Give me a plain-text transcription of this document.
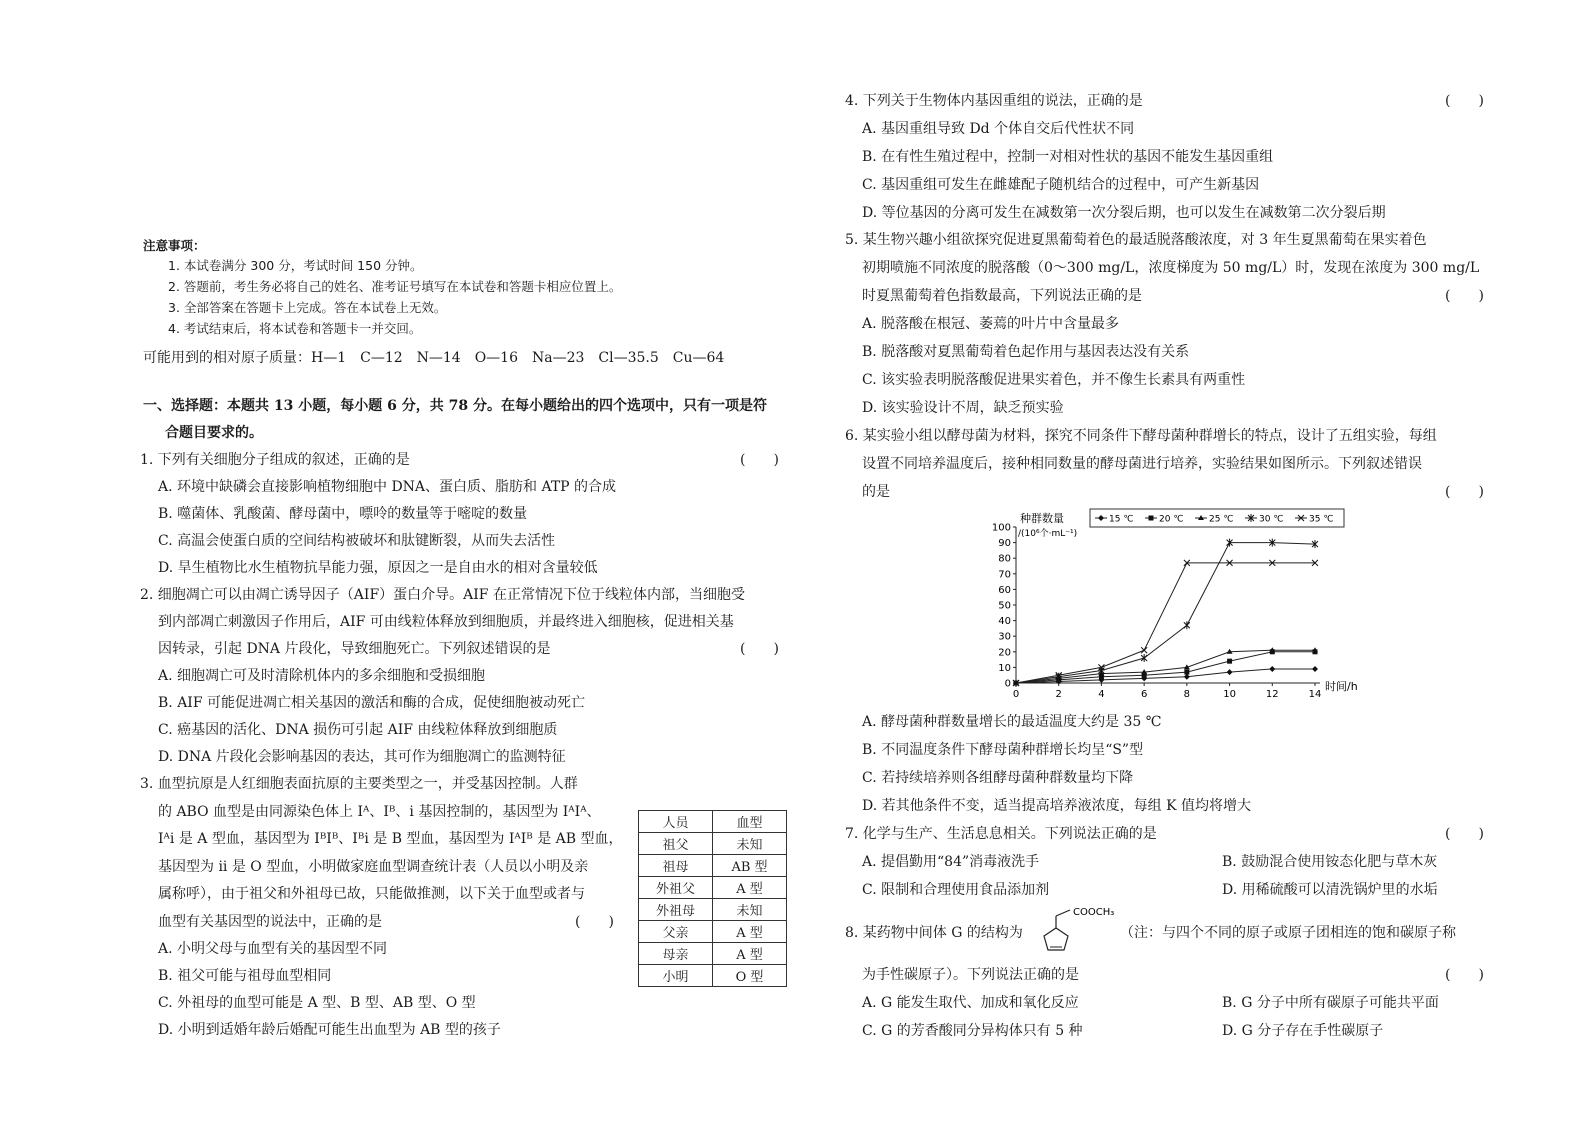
注意事项：
1. 本试卷满分 300 分，考试时间 150 分钟。
2. 答题前，考生务必将自己的姓名、准考证号填写在本试卷和答题卡相应位置上。
3. 全部答案在答题卡上完成。答在本试卷上无效。
4. 考试结束后，将本试卷和答题卡一并交回。
可能用到的相对原子质量：H—1　C—12　N—14　O—16　Na—23　Cl—35.5　Cu—64
一、选择题：本题共 13 小题，每小题 6 分，共 78 分。在每小题给出的四个选项中，只有一项是符
合题目要求的。
1. 下列有关细胞分子组成的叙述，正确的是	(　　)
A. 环境中缺磷会直接影响植物细胞中 DNA、蛋白质、脂肪和 ATP 的合成
B. 噬菌体、乳酸菌、酵母菌中，嘌呤的数量等于嘧啶的数量
C. 高温会使蛋白质的空间结构被破坏和肽键断裂，从而失去活性
D. 旱生植物比水生植物抗旱能力强，原因之一是自由水的相对含量较低
2. 细胞凋亡可以由凋亡诱导因子（AIF）蛋白介导。AIF 在正常情况下位于线粒体内部，当细胞受
到内部凋亡刺激因子作用后，AIF 可由线粒体释放到细胞质，并最终进入细胞核，促进相关基
因转录，引起 DNA 片段化，导致细胞死亡。下列叙述错误的是	(　　)
A. 细胞凋亡可及时清除机体内的多余细胞和受损细胞
B. AIF 可能促进凋亡相关基因的激活和酶的合成，促使细胞被动死亡
C. 癌基因的活化、DNA 损伤可引起 AIF 由线粒体释放到细胞质
D. DNA 片段化会影响基因的表达，其可作为细胞凋亡的监测特征
3. 血型抗原是人红细胞表面抗原的主要类型之一，并受基因控制。人群
的 ABO 血型是由同源染色体上 Iᴬ、Iᴮ、i 基因控制的，基因型为 IᴬIᴬ、
Iᴬi 是 A 型血，基因型为 IᴮIᴮ、Iᴮi 是 B 型血，基因型为 IᴬIᴮ 是 AB 型血，
基因型为 ii 是 O 型血，小明做家庭血型调查统计表（人员以小明及亲
属称呼），由于祖父和外祖母已故，只能做推测，以下关于血型或者与
血型有关基因型的说法中，正确的是	(　　)
A. 小明父母与血型有关的基因型不同
B. 祖父可能与祖母血型相同
C. 外祖母的血型可能是 A 型、B 型、AB 型、O 型
D. 小明到适婚年龄后婚配可能生出血型为 AB 型的孩子
人员	血型
祖父	未知
祖母	AB 型
外祖父	A 型
外祖母	未知
父亲	A 型
母亲	A 型
小明	O 型
4. 下列关于生物体内基因重组的说法，正确的是	(　　)
A. 基因重组导致 Dd 个体自交后代性状不同
B. 在有性生殖过程中，控制一对相对性状的基因不能发生基因重组
C. 基因重组可发生在雌雄配子随机结合的过程中，可产生新基因
D. 等位基因的分离可发生在减数第一次分裂后期，也可以发生在减数第二次分裂后期
5. 某生物兴趣小组欲探究促进夏黑葡萄着色的最适脱落酸浓度，对 3 年生夏黑葡萄在果实着色
初期喷施不同浓度的脱落酸（0～300 mg/L，浓度梯度为 50 mg/L）时，发现在浓度为 300 mg/L
时夏黑葡萄着色指数最高，下列说法正确的是	(　　)
A. 脱落酸在根冠、萎蔫的叶片中含量最多
B. 脱落酸对夏黑葡萄着色起作用与基因表达没有关系
C. 该实验表明脱落酸促进果实着色，并不像生长素具有两重性
D. 该实验设计不周，缺乏预实验
6. 某实验小组以酵母菌为材料，探究不同条件下酵母菌种群增长的特点，设计了五组实验，每组
设置不同培养温度后，接种相同数量的酵母菌进行培养，实验结果如图所示。下列叙述错误
的是	(　　)
100
90
80
70
60
50
40
30
20
10
0
0	2	4	6	8	10	12	14
种群数量
/(10⁶个·mL⁻¹)
时间/h
15 ℃	20 ℃	25 ℃	30 ℃	35 ℃
A. 酵母菌种群数量增长的最适温度大约是 35 ℃
B. 不同温度条件下酵母菌种群增长均呈“S”型
C. 若持续培养则各组酵母菌种群数量均下降
D. 若其他条件不变，适当提高培养液浓度，每组 K 值均将增大
7. 化学与生产、生活息息相关。下列说法正确的是	(　　)
A. 提倡勤用“84”消毒液洗手	B. 鼓励混合使用铵态化肥与草木灰
C. 限制和合理使用食品添加剂	D. 用稀硫酸可以清洗锅炉里的水垢
8. 某药物中间体 G 的结构为
COOCH₃
（注：与四个不同的原子或原子团相连的饱和碳原子称
为手性碳原子）。下列说法正确的是	(　　)
A. G 能发生取代、加成和氧化反应	B. G 分子中所有碳原子可能共平面
C. G 的芳香酸同分异构体只有 5 种	D. G 分子存在手性碳原子
